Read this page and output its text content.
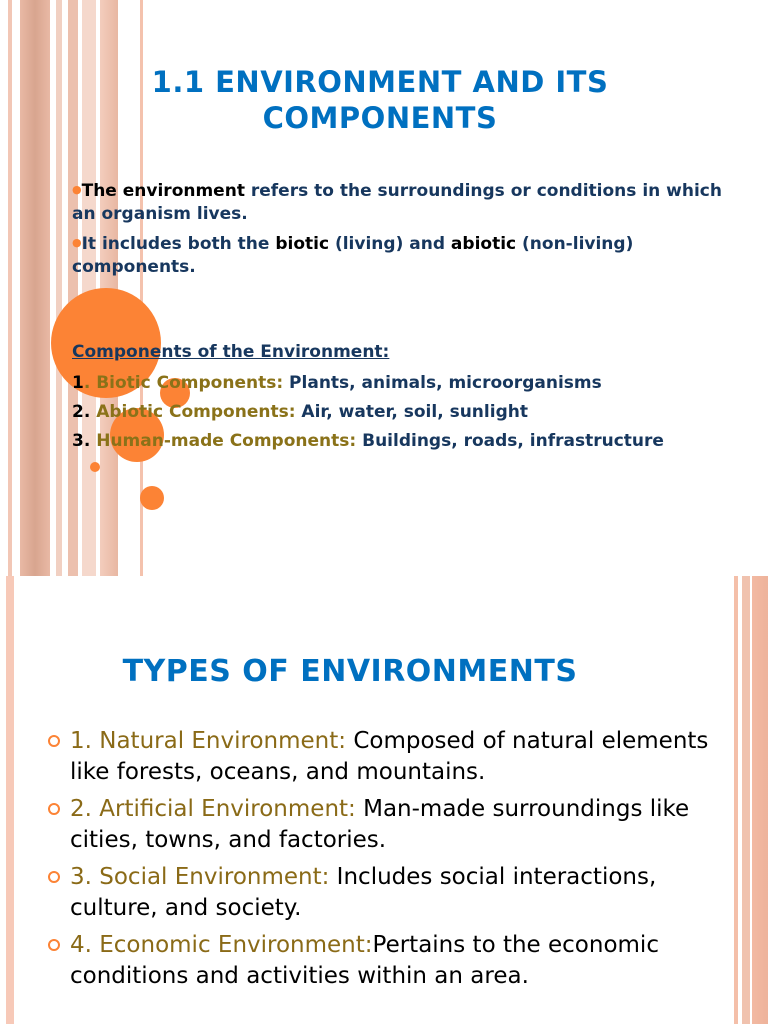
1.1 ENVIRONMENT AND ITS
COMPONENTS
●The environment refers to the surroundings or conditions in which an organism lives.
●It includes both the biotic (living) and abiotic (non-living) components.
Components of the Environment:
1. Biotic Components: Plants, animals, microorganisms
2. Abiotic Components: Air, water, soil, sunlight
3. Human-made Components: Buildings, roads, infrastructure
TYPES OF ENVIRONMENTS
1. Natural Environment: Composed of natural elements like forests, oceans, and mountains.
2. Artificial Environment: Man-made surroundings like cities, towns, and factories.
3. Social Environment: Includes social interactions, culture, and society.
4. Economic Environment:Pertains to the economic conditions and activities within an area.
